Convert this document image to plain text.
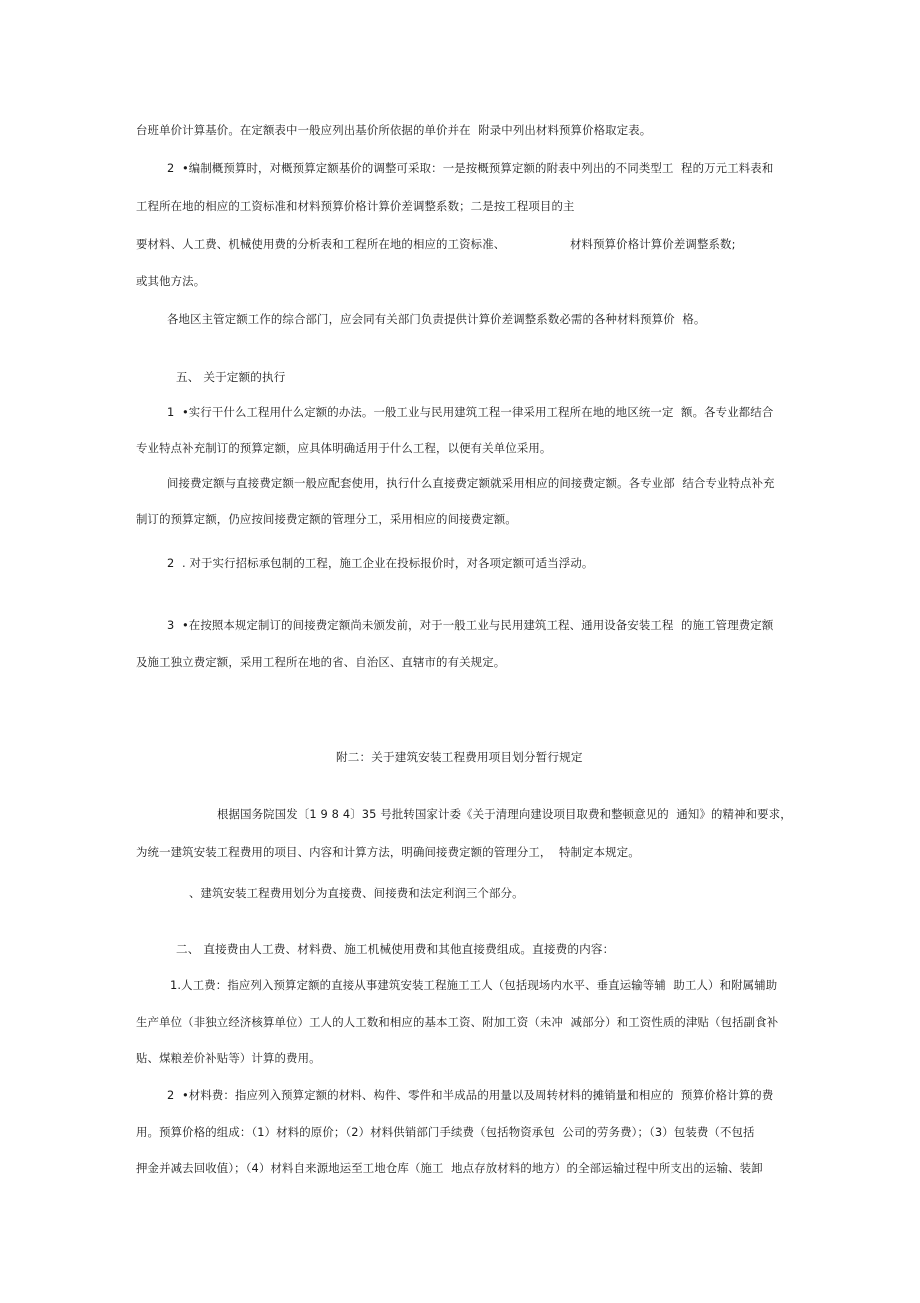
台班单价计算基价。在定额表中一般应列出基价所依据的单价并在  附录中列出材料预算价格取定表。

2  •编制概预算时，对概预算定额基价的调整可采取：一是按概预算定额的附表中列出的不同类型工  程的万元工料表和

工程所在地的相应的工资标准和材料预算价格计算价差调整系数；二是按工程项目的主

要材料、人工费、机械使用费的分析表和工程所在地的相应的工资标准、	材料预算价格计算价差调整系数;

或其他方法。

各地区主管定额工作的综合部门，应会同有关部门负责提供计算价差调整系数必需的各种材料预算价  格。

五、 关于定额的执行

1  •实行干什么工程用什么定额的办法。一般工业与民用建筑工程一律采用工程所在地的地区统一定  额。各专业都结合

专业特点补充制订的预算定额，应具体明确适用于什么工程，以便有关单位采用。

间接费定额与直接费定额一般应配套使用，执行什么直接费定额就采用相应的间接费定额。各专业部  结合专业特点补充

制订的预算定额，仍应按间接费定额的管理分工，采用相应的间接费定额。

2  . 对于实行招标承包制的工程，施工企业在投标报价时，对各项定额可适当浮动。

3  •在按照本规定制订的间接费定额尚未颁发前，对于一般工业与民用建筑工程、通用设备安装工程  的施工管理费定额

及施工独立费定额，采用工程所在地的省、自治区、直辖市的有关规定。

附二：关于建筑安装工程费用项目划分暂行规定

根据国务院国发〔1 9 8 4〕35 号批转国家计委《关于清理向建设项目取费和整顿意见的  通知》的精神和要求，

为统一建筑安装工程费用的项目、内容和计算方法，明确间接费定额的管理分工，  特制定本规定。

、建筑安装工程费用划分为直接费、间接费和法定利润三个部分。

二、 直接费由人工费、材料费、施工机械使用费和其他直接费组成。直接费的内容：

1.人工费：指应列入预算定额的直接从事建筑安装工程施工工人（包括现场内水平、垂直运输等辅  助工人）和附属辅助

生产单位（非独立经济核算单位）工人的人工数和相应的基本工资、附加工资（未冲  减部分）和工资性质的津贴（包括副食补

贴、煤粮差价补贴等）计算的费用。

2  •材料费：指应列入预算定额的材料、构件、零件和半成品的用量以及周转材料的摊销量和相应的  预算价格计算的费

用。预算价格的组成：（1）材料的原价；（2）材料供销部门手续费（包括物资承包  公司的劳务费）；（3）包装费（不包括

押金并减去回收值）；（4）材料自来源地运至工地仓库（施工  地点存放材料的地方）的全部运输过程中所支出的运输、装卸
